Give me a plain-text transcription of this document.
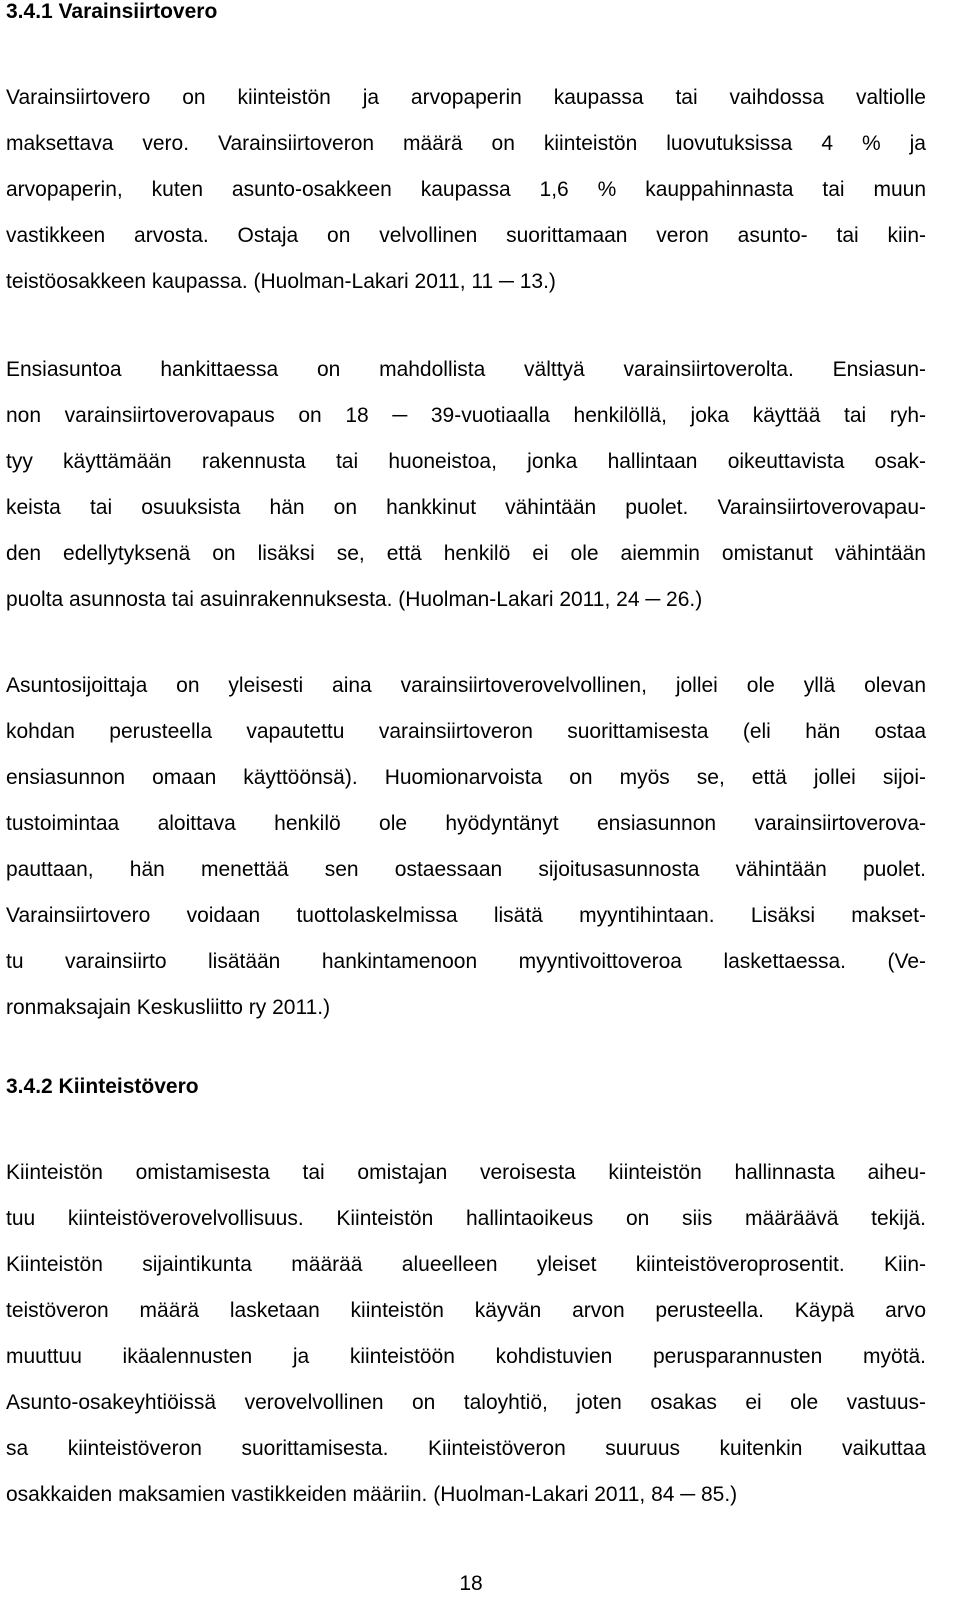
3.4.1 Varainsiirtovero

Varainsiirtovero on kiinteistön ja arvopaperin kaupassa tai vaihdossa valtiolle
maksettava vero. Varainsiirtoveron määrä on kiinteistön luovutuksissa 4 % ja
arvopaperin, kuten asunto-osakkeen kaupassa 1,6 % kauppahinnasta tai muun
vastikkeen arvosta. Ostaja on velvollinen suorittamaan veron asunto- tai kiin-
teistöosakkeen kaupassa. (Huolman-Lakari 2011, 11 ─ 13.)

Ensiasuntoa hankittaessa on mahdollista välttyä varainsiirtoverolta. Ensiasun-
non varainsiirtoverovapaus on 18 ─ 39-vuotiaalla henkilöllä, joka käyttää tai ryh-
tyy käyttämään rakennusta tai huoneistoa, jonka hallintaan oikeuttavista osak-
keista tai osuuksista hän on hankkinut vähintään puolet. Varainsiirtoverovapau-
den edellytyksenä on lisäksi se, että henkilö ei ole aiemmin omistanut vähintään
puolta asunnosta tai asuinrakennuksesta. (Huolman-Lakari 2011, 24 ─ 26.)

Asuntosijoittaja on yleisesti aina varainsiirtoverovelvollinen, jollei ole yllä olevan
kohdan perusteella vapautettu varainsiirtoveron suorittamisesta (eli hän ostaa
ensiasunnon omaan käyttöönsä). Huomionarvoista on myös se, että jollei sijoi-
tustoimintaa aloittava henkilö ole hyödyntänyt ensiasunnon varainsiirtoverova-
pauttaan, hän menettää sen ostaessaan sijoitusasunnosta vähintään puolet.
Varainsiirtovero voidaan tuottolaskelmissa lisätä myyntihintaan. Lisäksi makset-
tu varainsiirto lisätään hankintamenoon myyntivoittoveroa laskettaessa. (Ve-
ronmaksajain Keskusliitto ry 2011.)

3.4.2 Kiinteistövero

Kiinteistön omistamisesta tai omistajan veroisesta kiinteistön hallinnasta aiheu-
tuu kiinteistöverovelvollisuus. Kiinteistön hallintaoikeus on siis määräävä tekijä.
Kiinteistön sijaintikunta määrää alueelleen yleiset kiinteistöveroprosentit. Kiin-
teistöveron määrä lasketaan kiinteistön käyvän arvon perusteella. Käypä arvo
muuttuu ikäalennusten ja kiinteistöön kohdistuvien perusparannusten myötä.
Asunto-osakeyhtiöissä verovelvollinen on taloyhtiö, joten osakas ei ole vastuus-
sa kiinteistöveron suorittamisesta. Kiinteistöveron suuruus kuitenkin vaikuttaa
osakkaiden maksamien vastikkeiden määriin. (Huolman-Lakari 2011, 84 ─ 85.)

18
